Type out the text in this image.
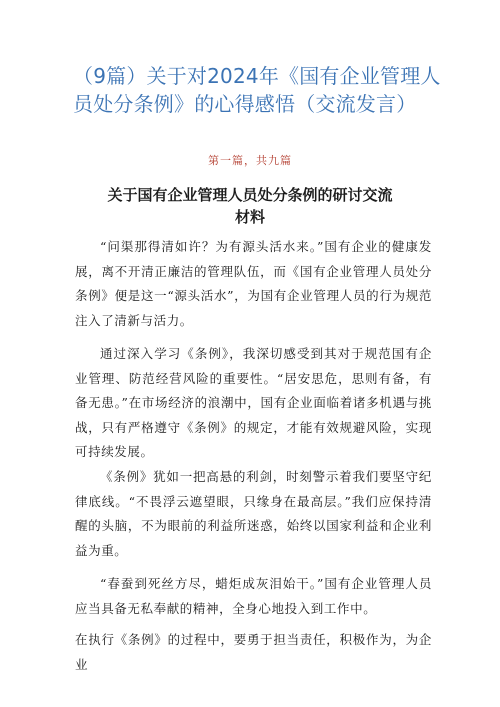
（9篇）关于对2024年《国有企业管理人员处分条例》的心得感悟（交流发言）
第一篇，共九篇
关于国有企业管理人员处分条例的研讨交流材料

“问渠那得清如许？为有源头活水来。”国有企业的健康发展，离不开清正廉洁的管理队伍，而《国有企业管理人员处分条例》便是这一“源头活水”，为国有企业管理人员的行为规范注入了清新与活力。

通过深入学习《条例》，我深切感受到其对于规范国有企业管理、防范经营风险的重要性。“居安思危，思则有备，有备无患。”在市场经济的浪潮中，国有企业面临着诸多机遇与挑战，只有严格遵守《条例》的规定，才能有效规避风险，实现可持续发展。

《条例》犹如一把高悬的利剑，时刻警示着我们要坚守纪律底线。“不畏浮云遮望眼，只缘身在最高层。”我们应保持清醒的头脑，不为眼前的利益所迷惑，始终以国家利益和企业利益为重。

“春蚕到死丝方尽，蜡炬成灰泪始干。”国有企业管理人员应当具备无私奉献的精神，全身心地投入到工作中。

在执行《条例》的过程中，要勇于担当责任，积极作为，为企业
